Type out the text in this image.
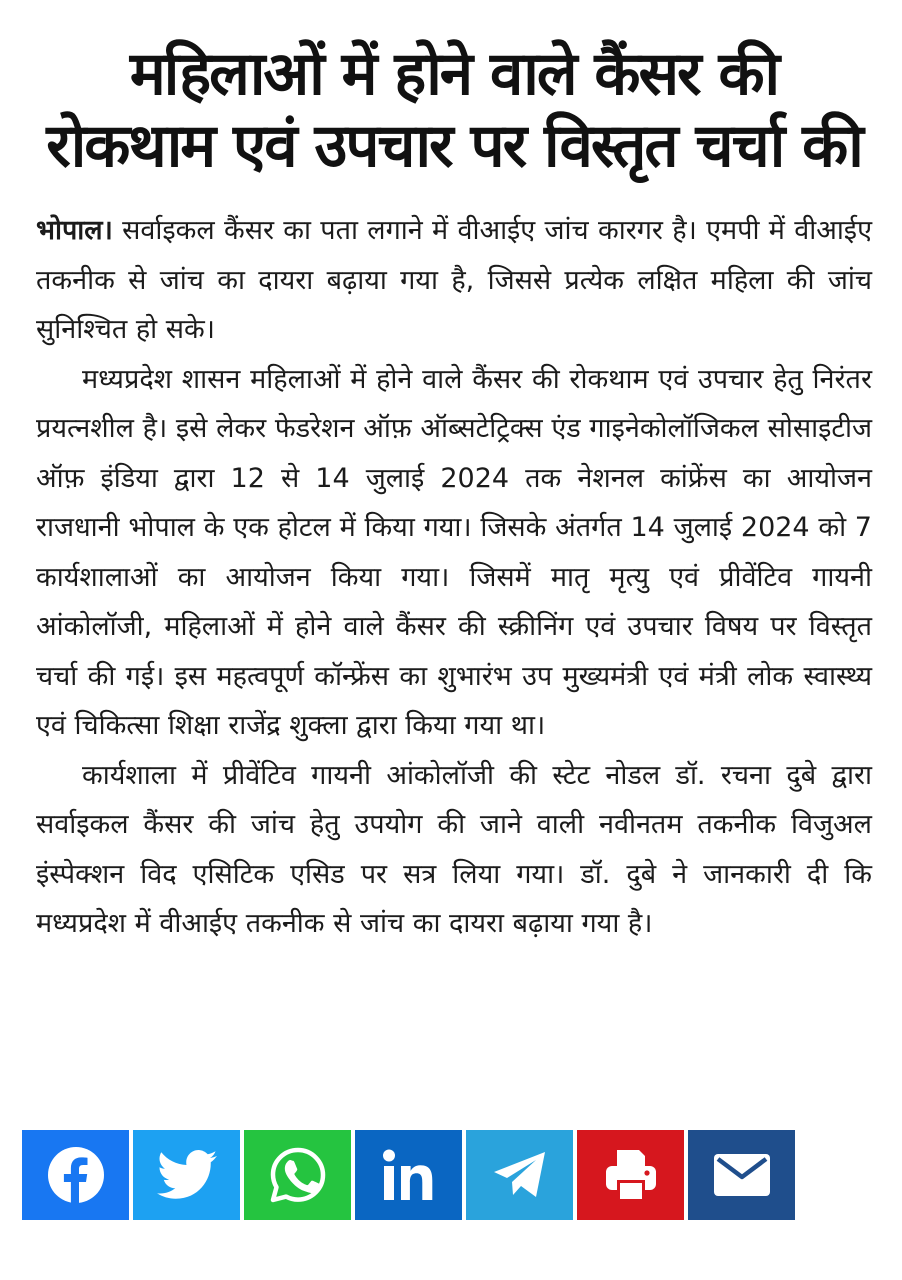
महिलाओं में होने वाले कैंसर की
रोकथाम एवं उपचार पर विस्तृत चर्चा की

भोपाल। सर्वाइकल कैंसर का पता लगाने में वीआईए जांच कारगर है। एमपी में वीआईए तकनीक से जांच का दायरा बढ़ाया गया है, जिससे प्रत्येक लक्षित महिला की जांच सुनिश्चित हो सके।

मध्यप्रदेश शासन महिलाओं में होने वाले कैंसर की रोकथाम एवं उपचार हेतु निरंतर प्रयत्नशील है। इसे लेकर फेडरेशन ऑफ़ ऑब्सटेट्रिक्स एंड गाइनेकोलॉजिकल सोसाइटीज ऑफ़ इंडिया द्वारा 12 से 14 जुलाई 2024 तक नेशनल कांफ्रेंस का आयोजन राजधानी भोपाल के एक होटल में किया गया। जिसके अंतर्गत 14 जुलाई 2024 को 7 कार्यशालाओं का आयोजन किया गया। जिसमें मातृ मृत्यु एवं प्रीवेंटिव गायनी आंकोलॉजी, महिलाओं में होने वाले कैंसर की स्क्रीनिंग एवं उपचार विषय पर विस्तृत चर्चा की गई। इस महत्वपूर्ण कॉन्फ्रेंस का शुभारंभ उप मुख्यमंत्री एवं मंत्री लोक स्वास्थ्य एवं चिकित्सा शिक्षा राजेंद्र शुक्ला द्वारा किया गया था।

कार्यशाला में प्रीवेंटिव गायनी आंकोलॉजी की स्टेट नोडल डॉ. रचना दुबे द्वारा सर्वाइकल कैंसर की जांच हेतु उपयोग की जाने वाली नवीनतम तकनीक विजुअल इंस्पेक्शन विद एसिटिक एसिड पर सत्र लिया गया। डॉ. दुबे ने जानकारी दी कि मध्यप्रदेश में वीआईए तकनीक से जांच का दायरा बढ़ाया गया है।
